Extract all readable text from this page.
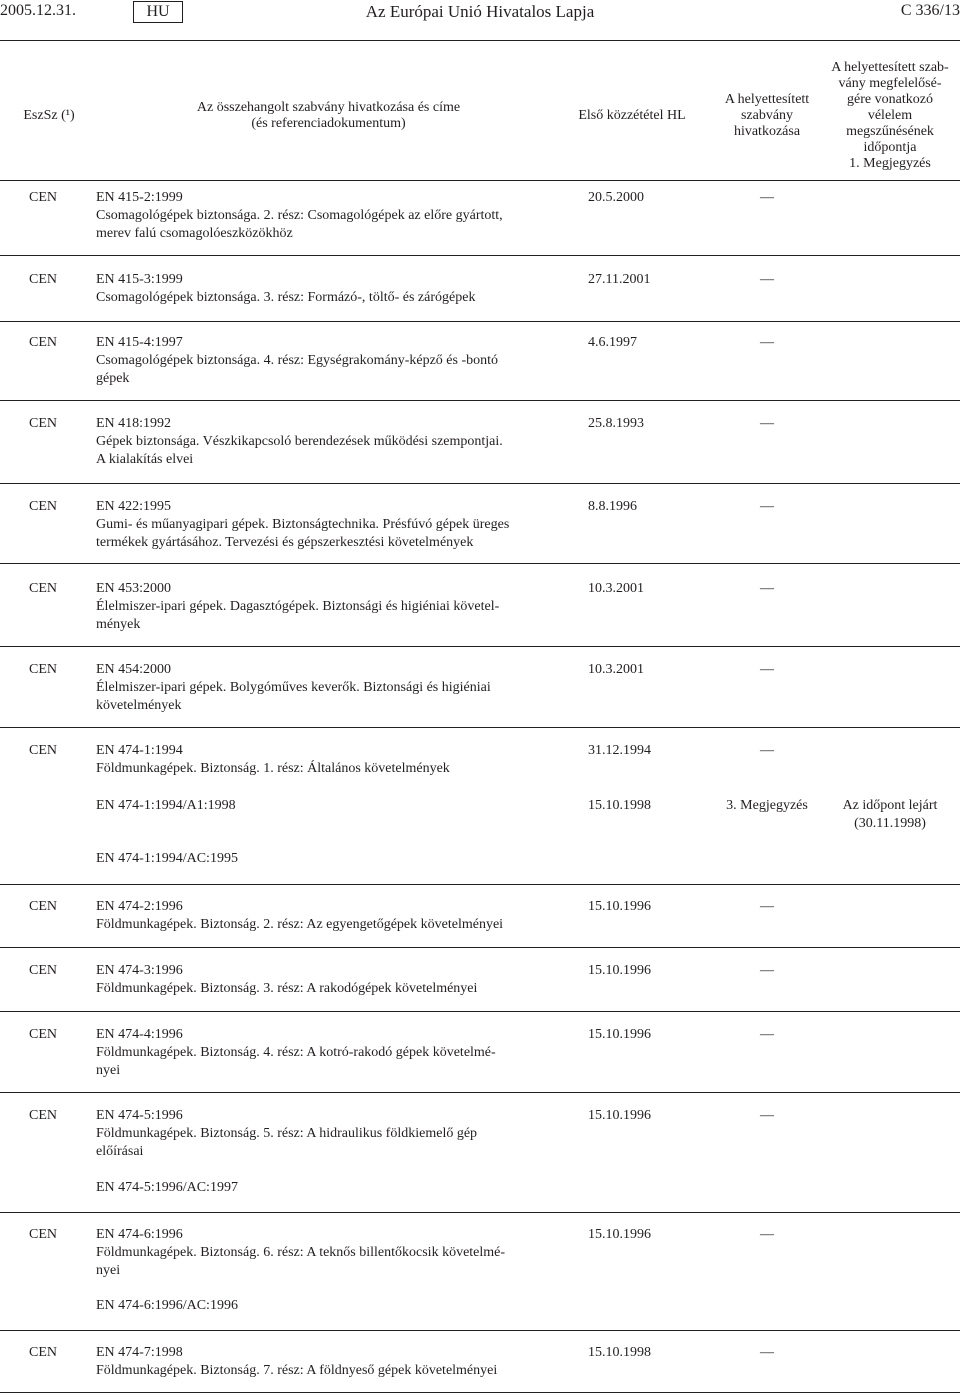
Az Európai Unió Hivatalos Lapja
2005.12.31.	HU	C 336/13
EszSz (¹)
Az összehangolt szabvány hivatkozása és címe
(és referenciadokumentum)
Első közzététel HL
A helyettesített
szabvány
hivatkozása
A helyettesített szab-
vány megfelelősé-
gére vonatkozó
vélelem
megszűnésének
időpontja
1. Megjegyzés
CEN	EN 415-2:1999
Csomagológépek biztonsága. 2. rész: Csomagológépek az előre gyártott,
merev falú csomagolóeszközökhöz
20.5.2000	—
CEN	EN 415-3:1999
Csomagológépek biztonsága. 3. rész: Formázó-, töltő- és zárógépek
27.11.2001	—
CEN	EN 415-4:1997
Csomagológépek biztonsága. 4. rész: Egységrakomány-képző és -bontó
gépek
4.6.1997	—
CEN	EN 418:1992
Gépek biztonsága. Vészkikapcsoló berendezések működési szempontjai.
A kialakítás elvei
25.8.1993	—
CEN	EN 422:1995
Gumi- és műanyagipari gépek. Biztonságtechnika. Présfúvó gépek üreges
termékek gyártásához. Tervezési és gépszerkesztési követelmények
8.8.1996	—
CEN	EN 453:2000
Élelmiszer-ipari gépek. Dagasztógépek. Biztonsági és higiéniai követel-
mények
10.3.2001	—
CEN	EN 454:2000
Élelmiszer-ipari gépek. Bolygóműves keverők. Biztonsági és higiéniai
követelmények
10.3.2001	—
CEN	EN 474-1:1994
Földmunkagépek. Biztonság. 1. rész: Általános követelmények
31.12.1994	—
EN 474-1:1994/A1:1998	15.10.1998	3. Megjegyzés	Az időpont lejárt
(30.11.1998)
EN 474-1:1994/AC:1995
CEN	EN 474-2:1996
Földmunkagépek. Biztonság. 2. rész: Az egyengetőgépek követelményei
15.10.1996	—
CEN	EN 474-3:1996
Földmunkagépek. Biztonság. 3. rész: A rakodógépek követelményei
15.10.1996	—
CEN	EN 474-4:1996
Földmunkagépek. Biztonság. 4. rész: A kotró-rakodó gépek követelmé-
nyei
15.10.1996	—
CEN	EN 474-5:1996
Földmunkagépek. Biztonság. 5. rész: A hidraulikus földkiemelő gép
előírásai
15.10.1996	—
EN 474-5:1996/AC:1997
CEN	EN 474-6:1996
Földmunkagépek. Biztonság. 6. rész: A teknős billentőkocsik követelmé-
nyei
15.10.1996	—
EN 474-6:1996/AC:1996
CEN	EN 474-7:1998
Földmunkagépek. Biztonság. 7. rész: A földnyeső gépek követelményei
15.10.1998	—
